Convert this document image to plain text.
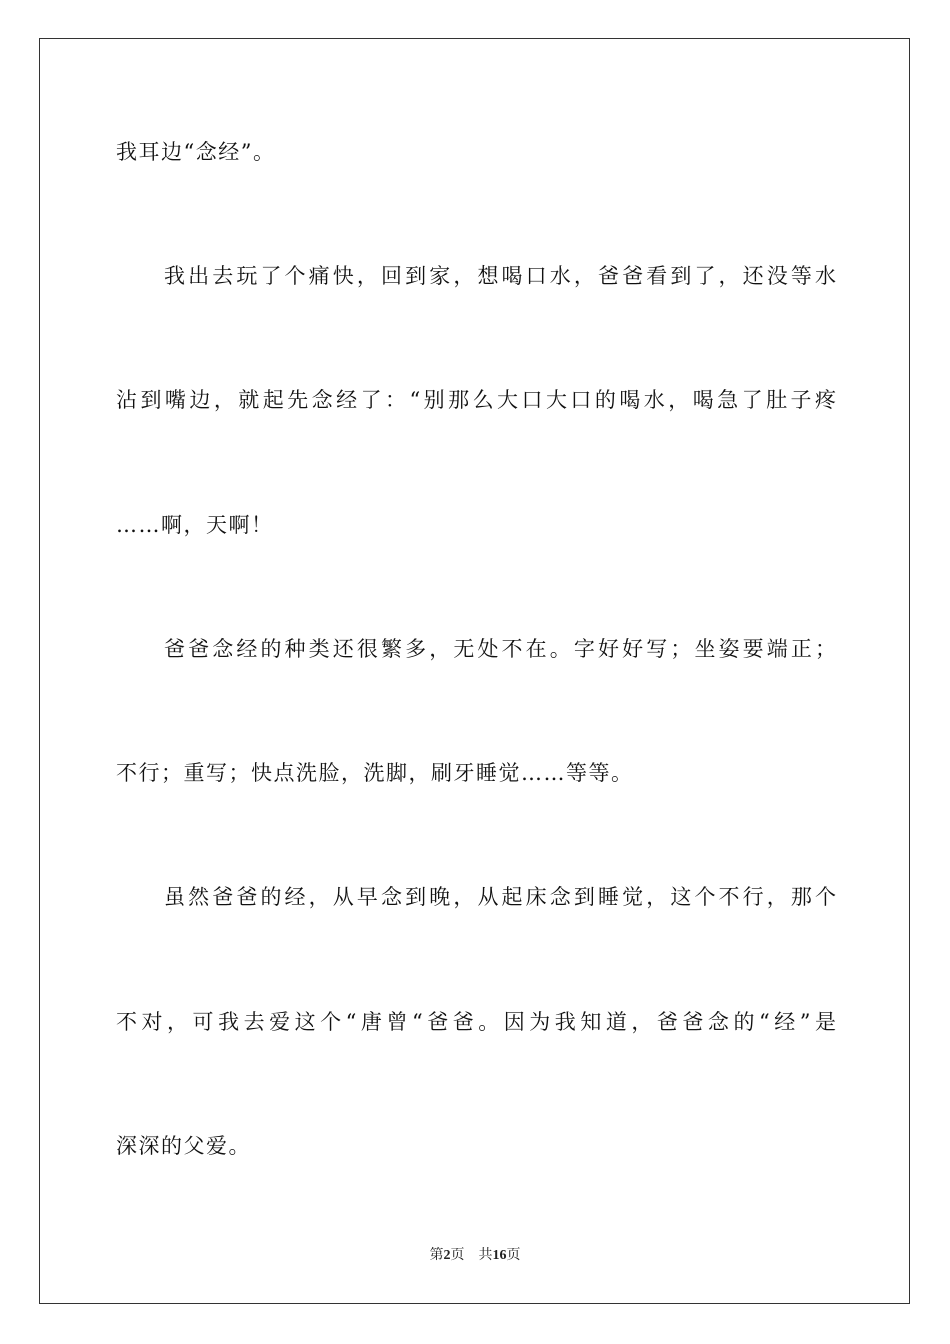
我耳边“念经”。
我出去玩了个痛快，回到家，想喝口水，爸爸看到了，还没等水
沾到嘴边，就起先念经了：“别那么大口大口的喝水，喝急了肚子疼
……啊，天啊！
爸爸念经的种类还很繁多，无处不在。字好好写；坐姿要端正；
不行；重写；快点洗脸，洗脚，刷牙睡觉……等等。
虽然爸爸的经，从早念到晚，从起床念到睡觉，这个不行，那个
不对，可我去爱这个“唐曾“爸爸。因为我知道，爸爸念的“经”是
深深的父爱。
第2页 共16页
